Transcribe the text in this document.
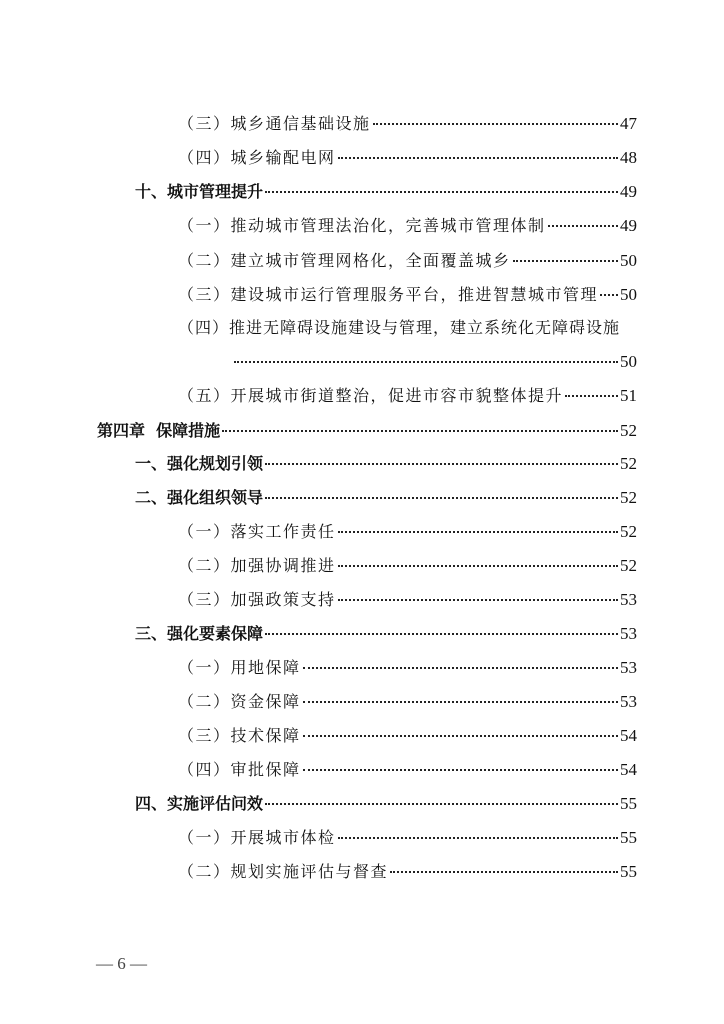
（三）城乡通信基础设施	47
（四）城乡输配电网	48
十、城市管理提升	49
（一）推动城市管理法治化，完善城市管理体制	49
（二）建立城市管理网格化，全面覆盖城乡	50
（三）建设城市运行管理服务平台，推进智慧城市管理 50
（四）推进无障碍设施建设与管理，建立系统化无障碍设施
50
（五）开展城市街道整治，促进市容市貌整体提升	51
第四章  保障措施	52
一、强化规划引领	52
二、强化组织领导	52
（一）落实工作责任	52
（二）加强协调推进	52
（三）加强政策支持	53
三、强化要素保障	53
（一）用地保障	53
（二）资金保障	53
（三）技术保障	54
（四）审批保障	54
四、实施评估问效	55
（一）开展城市体检	55
（二）规划实施评估与督查	55
— 6 —
